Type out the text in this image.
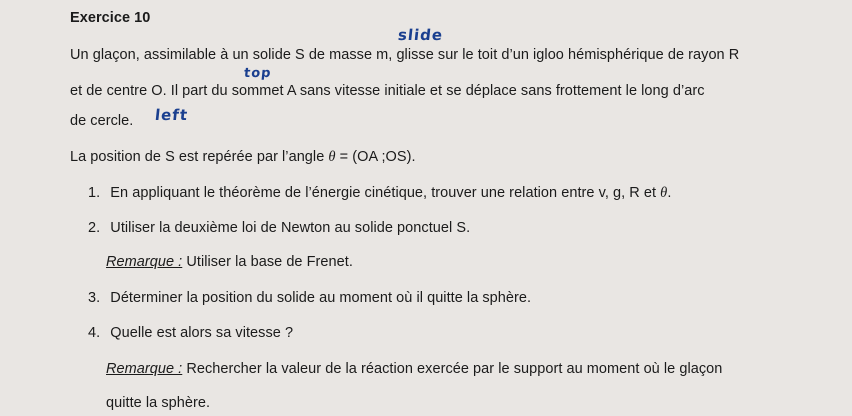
Exercice 10
slide
Un glaçon, assimilable à un solide S de masse m, glisse sur le toit d’un igloo hémisphérique de rayon R
top
et de centre O. Il part du sommet A sans vitesse initiale et se déplace sans frottement le long d’arc
left
de cercle.
La position de S est repérée par l’angle θ = (OA ;OS).
1. En appliquant le théorème de l’énergie cinétique, trouver une relation entre v, g, R et θ.
2. Utiliser la deuxième loi de Newton au solide ponctuel S.
Remarque : Utiliser la base de Frenet.
3. Déterminer la position du solide au moment où il quitte la sphère.
4. Quelle est alors sa vitesse ?
Remarque : Rechercher la valeur de la réaction exercée par le support au moment où le glaçon
quitte la sphère.
